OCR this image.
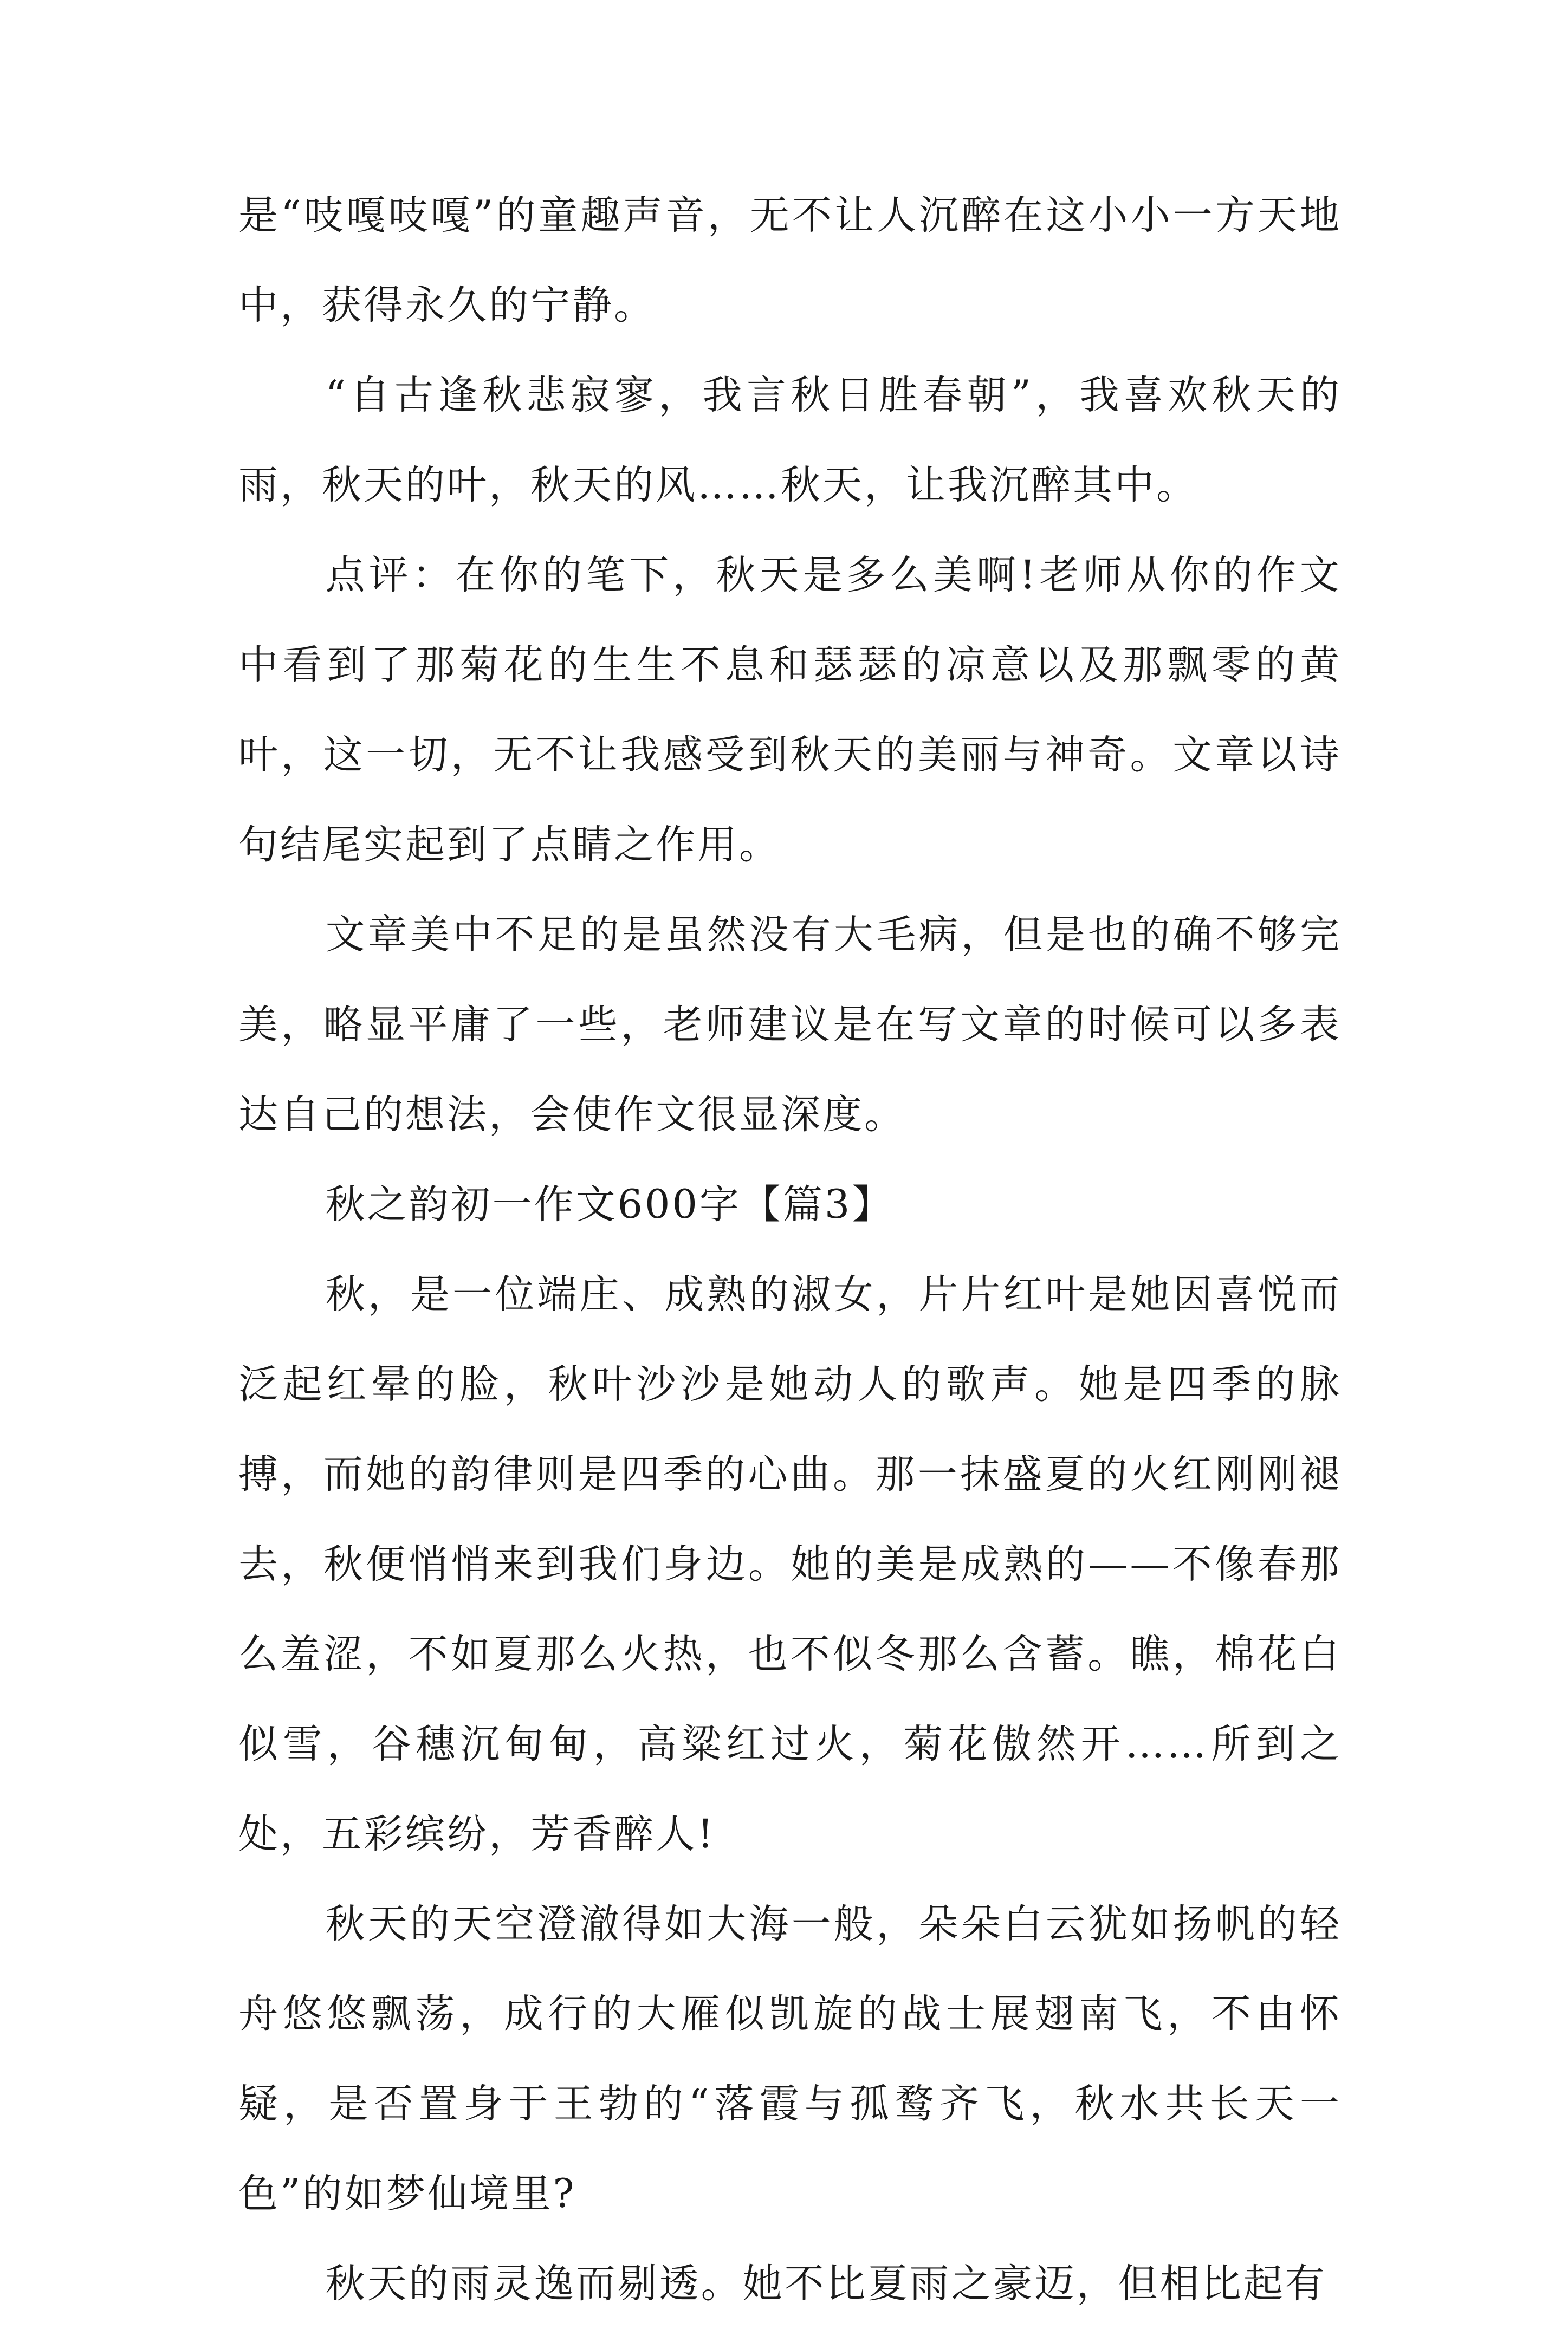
是“吱嘎吱嘎”的童趣声音，无不让人沉醉在这小小一方天地中，获得永久的宁静。

“自古逢秋悲寂寥，我言秋日胜春朝”，我喜欢秋天的雨，秋天的叶，秋天的风……秋天，让我沉醉其中。

点评：在你的笔下，秋天是多么美啊!老师从你的作文中看到了那菊花的生生不息和瑟瑟的凉意以及那飘零的黄叶，这一切，无不让我感受到秋天的美丽与神奇。文章以诗句结尾实起到了点睛之作用。

文章美中不足的是虽然没有大毛病，但是也的确不够完美，略显平庸了一些，老师建议是在写文章的时候可以多表达自己的想法，会使作文很显深度。

秋之韵初一作文600字【篇3】

秋，是一位端庄、成熟的淑女，片片红叶是她因喜悦而泛起红晕的脸，秋叶沙沙是她动人的歌声。她是四季的脉搏，而她的韵律则是四季的心曲。那一抹盛夏的火红刚刚褪去，秋便悄悄来到我们身边。她的美是成熟的——不像春那么羞涩，不如夏那么火热，也不似冬那么含蓄。瞧，棉花白似雪，谷穗沉甸甸，高粱红过火，菊花傲然开……所到之处，五彩缤纷，芳香醉人!

秋天的天空澄澈得如大海一般，朵朵白云犹如扬帆的轻舟悠悠飘荡，成行的大雁似凯旋的战士展翅南飞，不由怀疑，是否置身于王勃的“落霞与孤鹜齐飞，秋水共长天一色”的如梦仙境里?

秋天的雨灵逸而剔透。她不比夏雨之豪迈，但相比起有
